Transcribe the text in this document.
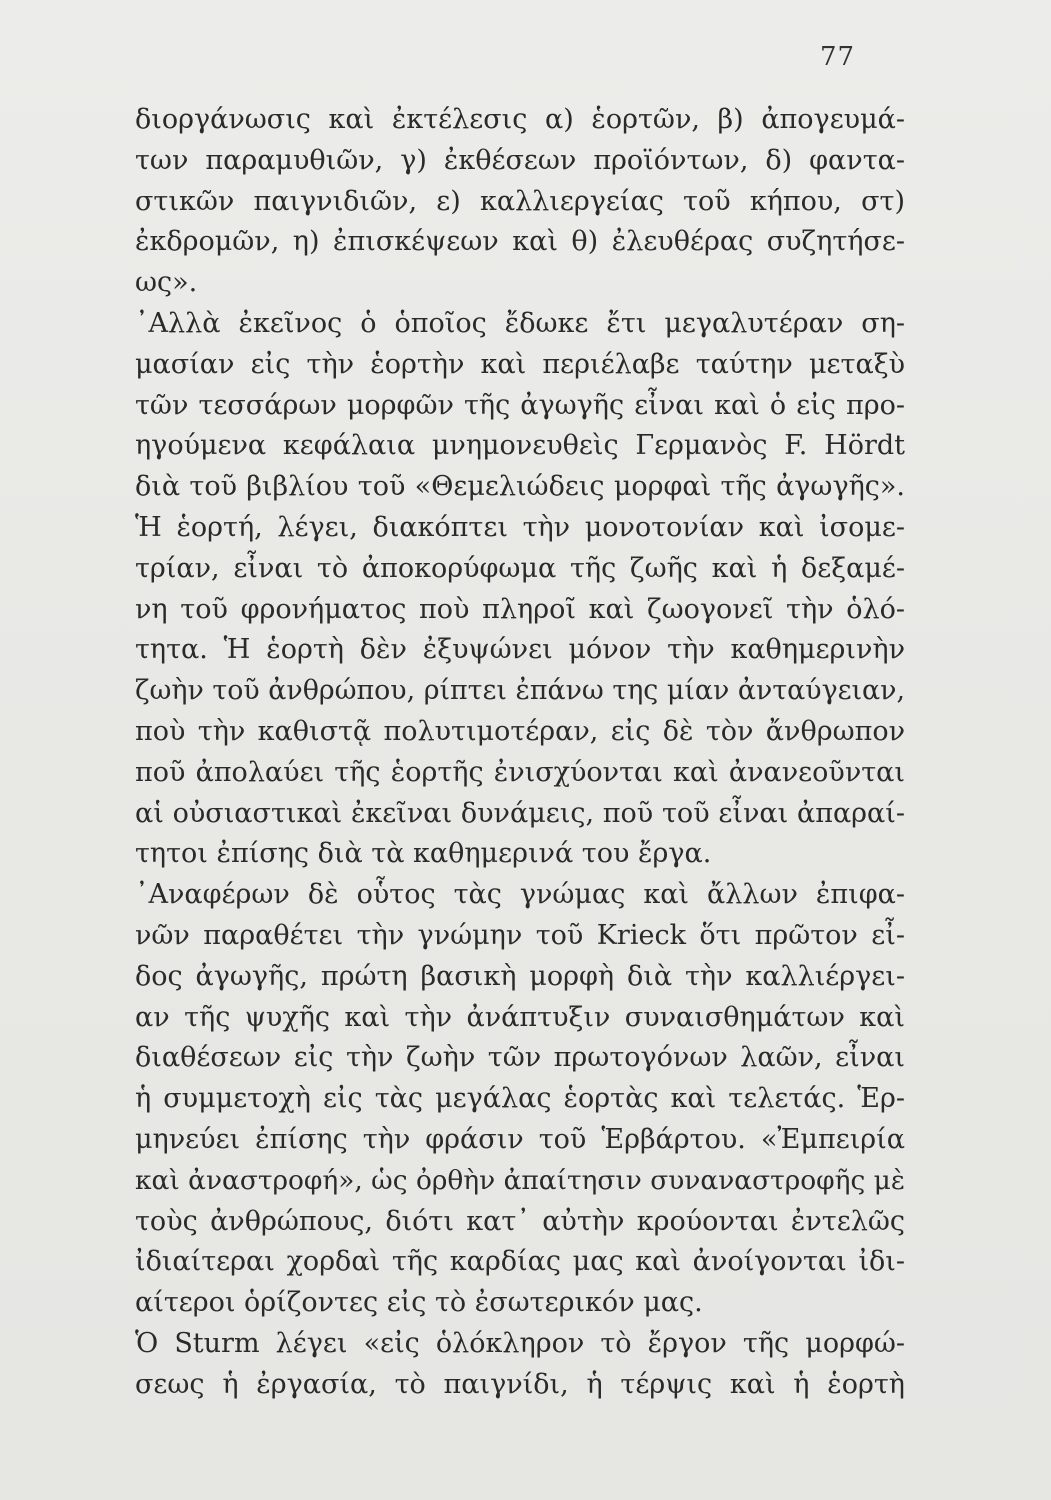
77
διοργάνωσις καὶ ἐκτέλεσις α) ἑορτῶν, β) ἀπογευμά-
των παραμυθιῶν, γ) ἐκθέσεων προϊόντων, δ) φαντα-
στικῶν παιγνιδιῶν, ε) καλλιεργείας τοῦ κήπου, στ)
ἐκδρομῶν, η) ἐπισκέψεων καὶ θ) ἐλευθέρας συζητήσε-
ως».
᾿Αλλὰ ἐκεῖνος ὁ ὁποῖος ἔδωκε ἔτι μεγαλυτέραν ση-
μασίαν εἰς τὴν ἑορτὴν καὶ περιέλαβε ταύτην μεταξὺ
τῶν τεσσάρων μορφῶν τῆς ἀγωγῆς εἶναι καὶ ὁ εἰς προ-
ηγούμενα κεφάλαια μνημονευθεὶς Γερμανὸς F. Hördt
διὰ τοῦ βιβλίου τοῦ «Θεμελιώδεις μορφαὶ τῆς ἀγωγῆς».
Ἡ ἑορτή, λέγει, διακόπτει τὴν μονοτονίαν καὶ ἰσομε-
τρίαν, εἶναι τὸ ἀποκορύφωμα τῆς ζωῆς καὶ ἡ δεξαμέ-
νη τοῦ φρονήματος ποὺ πληροῖ καὶ ζωογονεῖ τὴν ὁλό-
τητα. Ἡ ἑορτὴ δὲν ἐξυψώνει μόνον τὴν καθημερινὴν
ζωὴν τοῦ ἀνθρώπου, ρίπτει ἐπάνω της μίαν ἀνταύγειαν,
ποὺ τὴν καθιστᾷ πολυτιμοτέραν, εἰς δὲ τὸν ἄνθρωπον
ποῦ ἀπολαύει τῆς ἑορτῆς ἐνισχύονται καὶ ἀνανεοῦνται
αἱ οὐσιαστικαὶ ἐκεῖναι δυνάμεις, ποῦ τοῦ εἶναι ἀπαραί-
τητοι ἐπίσης διὰ τὰ καθημερινά του ἔργα.
᾿Αναφέρων δὲ οὗτος τὰς γνώμας καὶ ἄλλων ἐπιφα-
νῶν παραθέτει τὴν γνώμην τοῦ Krieck ὅτι πρῶτον εἶ-
δος ἀγωγῆς, πρώτη βασικὴ μορφὴ διὰ τὴν καλλιέργει-
αν τῆς ψυχῆς καὶ τὴν ἀνάπτυξιν συναισθημάτων καὶ
διαθέσεων εἰς τὴν ζωὴν τῶν πρωτογόνων λαῶν, εἶναι
ἡ συμμετοχὴ εἰς τὰς μεγάλας ἑορτὰς καὶ τελετάς. Ἑρ-
μηνεύει ἐπίσης τὴν φράσιν τοῦ Ἑρβάρτου. «Ἐμπειρία
καὶ ἀναστροφή», ὡς ὀρθὴν ἀπαίτησιν συναναστροφῆς μὲ
τοὺς ἀνθρώπους, διότι κατ᾿ αὐτὴν κρούονται ἐντελῶς
ἰδιαίτεραι χορδαὶ τῆς καρδίας μας καὶ ἀνοίγονται ἰδι-
αίτεροι ὁρίζοντες εἰς τὸ ἐσωτερικόν μας.
Ὁ Sturm λέγει «εἰς ὁλόκληρον τὸ ἔργον τῆς μορφώ-
σεως ἡ ἐργασία, τὸ παιγνίδι, ἡ τέρψις καὶ ἡ ἑορτὴ
